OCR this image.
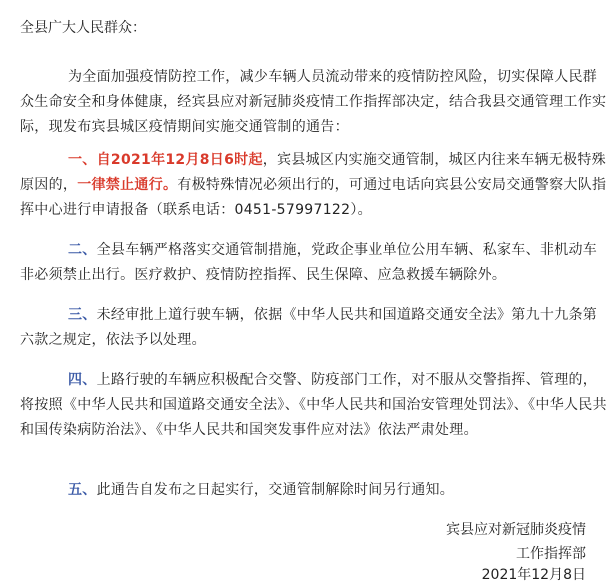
全县广大人民群众：
为全面加强疫情防控工作，减少车辆人员流动带来的疫情防控风险，切实保障人民群众生命安全和身体健康，经宾县应对新冠肺炎疫情工作指挥部决定，结合我县交通管理工作实际，现发布宾县城区疫情期间实施交通管制的通告：
一、自2021年12月8日6时起，宾县城区内实施交通管制，城区内往来车辆无极特殊原因的，一律禁止通行。有极特殊情况必须出行的，可通过电话向宾县公安局交通警察大队指挥中心进行申请报备（联系电话：0451-57997122）。
二、全县车辆严格落实交通管制措施，党政企事业单位公用车辆、私家车、非机动车非必须禁止出行。医疗救护、疫情防控指挥、民生保障、应急救援车辆除外。
三、未经审批上道行驶车辆，依据《中华人民共和国道路交通安全法》第九十九条第六款之规定，依法予以处理。
四、上路行驶的车辆应积极配合交警、防疫部门工作，对不服从交警指挥、管理的，将按照《中华人民共和国道路交通安全法》、《中华人民共和国治安管理处罚法》、《中华人民共和国传染病防治法》、《中华人民共和国突发事件应对法》依法严肃处理。
五、此通告自发布之日起实行，交通管制解除时间另行通知。
宾县应对新冠肺炎疫情
工作指挥部
2021年12月8日
